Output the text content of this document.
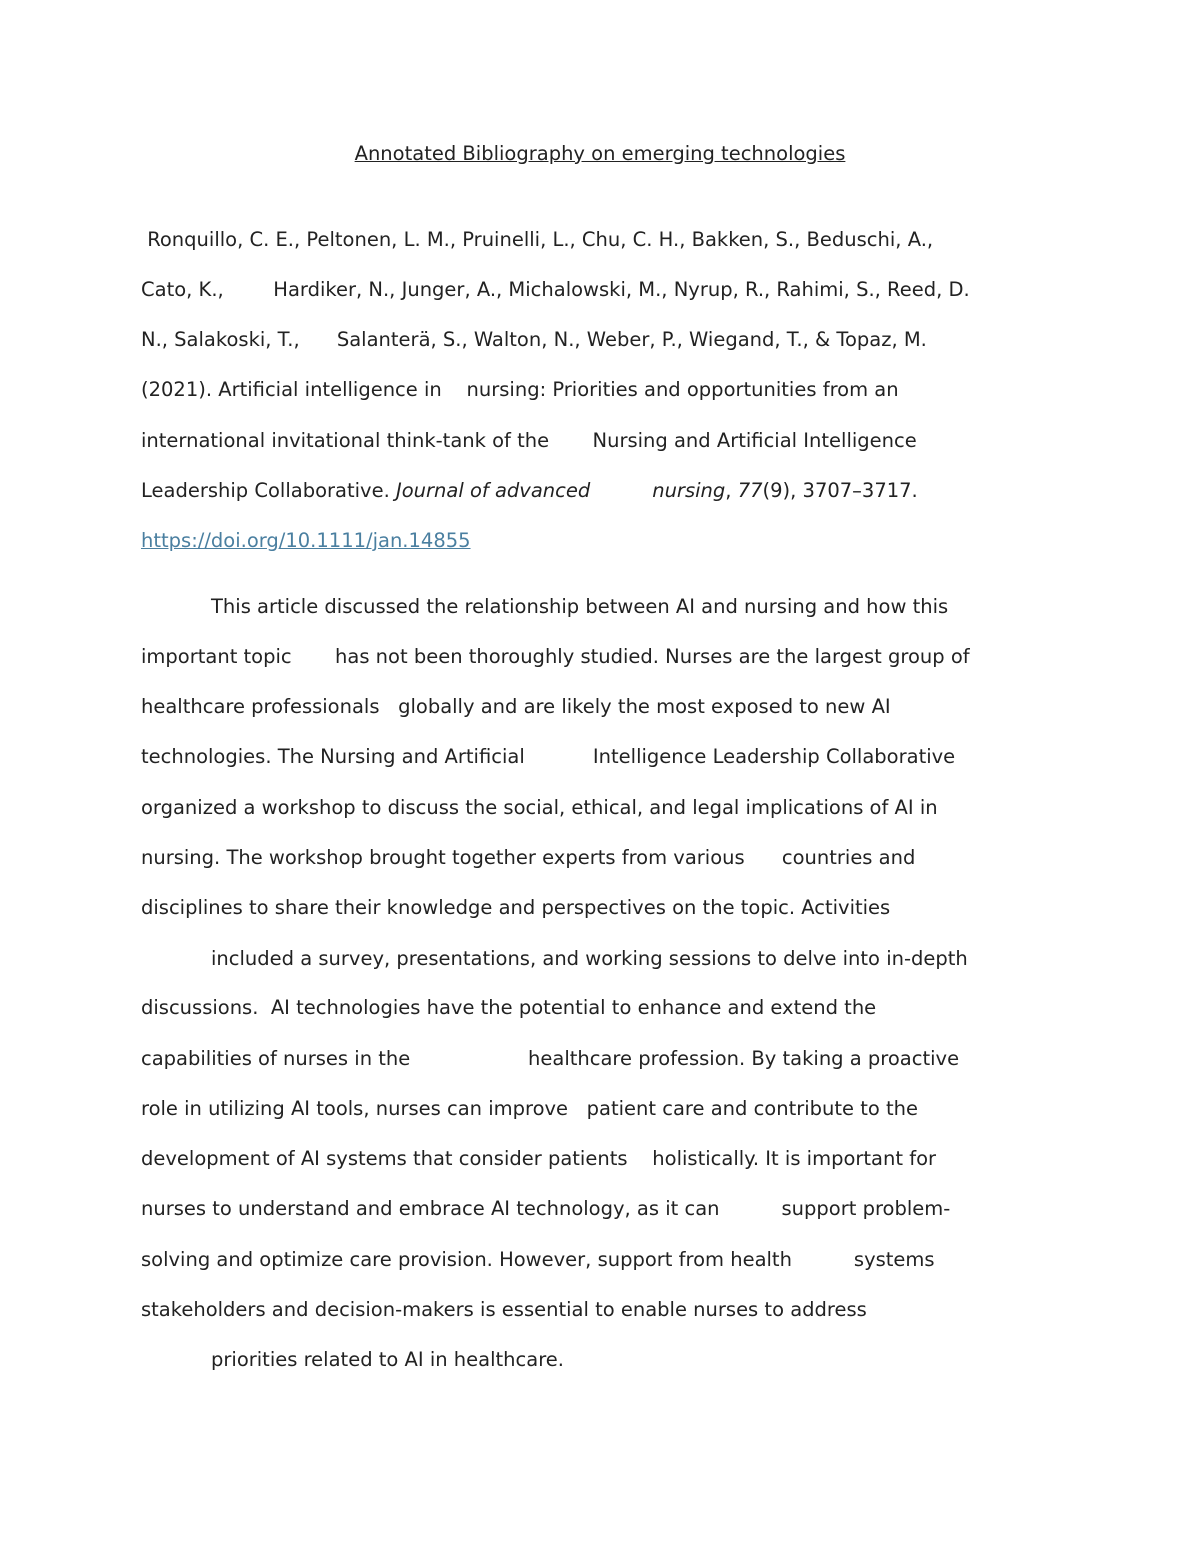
Annotated Bibliography on emerging technologies
Ronquillo, C. E., Peltonen, L. M., Pruinelli, L., Chu, C. H., Bakken, S., Beduschi, A.,
Cato, K.,        Hardiker, N., Junger, A., Michalowski, M., Nyrup, R., Rahimi, S., Reed, D.
N., Salakoski, T.,      Salanterä, S., Walton, N., Weber, P., Wiegand, T., & Topaz, M.
(2021). Artificial intelligence in    nursing: Priorities and opportunities from an
international invitational think-tank of the       Nursing and Artificial Intelligence
Leadership Collaborative. Journal of advanced          nursing, 77(9), 3707–3717.
https://doi.org/10.1111/jan.14855
This article discussed the relationship between AI and nursing and how this
important topic       has not been thoroughly studied. Nurses are the largest group of
healthcare professionals   globally and are likely the most exposed to new AI
technologies. The Nursing and Artificial           Intelligence Leadership Collaborative
organized a workshop to discuss the social, ethical, and legal implications of AI in
nursing. The workshop brought together experts from various      countries and
disciplines to share their knowledge and perspectives on the topic. Activities
included a survey, presentations, and working sessions to delve into in-depth
discussions.  AI technologies have the potential to enhance and extend the
capabilities of nurses in the                   healthcare profession. By taking a proactive
role in utilizing AI tools, nurses can improve   patient care and contribute to the
development of AI systems that consider patients    holistically. It is important for
nurses to understand and embrace AI technology, as it can          support problem-
solving and optimize care provision. However, support from health          systems
stakeholders and decision-makers is essential to enable nurses to address
priorities related to AI in healthcare.
